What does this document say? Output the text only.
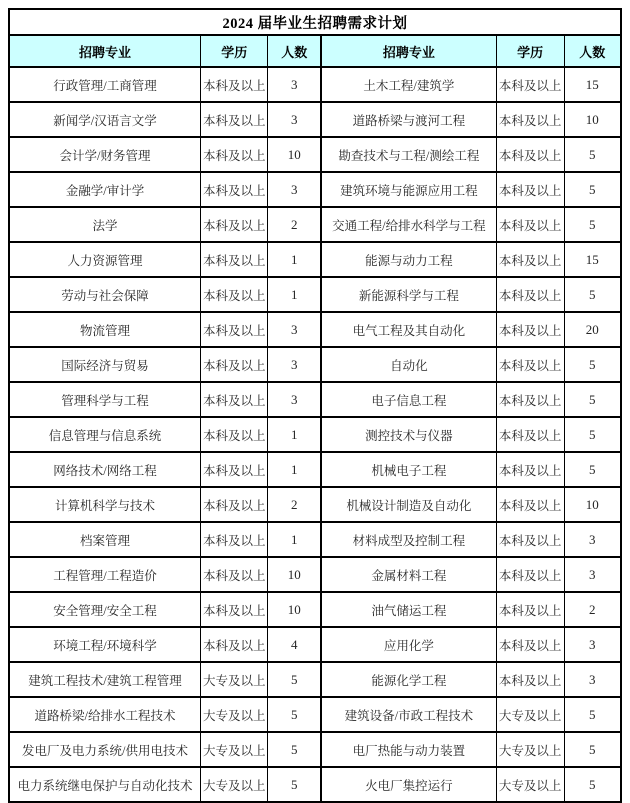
2024 届毕业生招聘需求计划					
招聘专业	学历	人数	招聘专业	学历	人数
行政管理/工商管理	本科及以上	3	土木工程/建筑学	本科及以上	15
新闻学/汉语言文学	本科及以上	3	道路桥梁与渡河工程	本科及以上	10
会计学/财务管理	本科及以上	10	勘查技术与工程/测绘工程	本科及以上	5
金融学/审计学	本科及以上	3	建筑环境与能源应用工程	本科及以上	5
法学	本科及以上	2	交通工程/给排水科学与工程	本科及以上	5
人力资源管理	本科及以上	1	能源与动力工程	本科及以上	15
劳动与社会保障	本科及以上	1	新能源科学与工程	本科及以上	5
物流管理	本科及以上	3	电气工程及其自动化	本科及以上	20
国际经济与贸易	本科及以上	3	自动化	本科及以上	5
管理科学与工程	本科及以上	3	电子信息工程	本科及以上	5
信息管理与信息系统	本科及以上	1	测控技术与仪器	本科及以上	5
网络技术/网络工程	本科及以上	1	机械电子工程	本科及以上	5
计算机科学与技术	本科及以上	2	机械设计制造及自动化	本科及以上	10
档案管理	本科及以上	1	材料成型及控制工程	本科及以上	3
工程管理/工程造价	本科及以上	10	金属材料工程	本科及以上	3
安全管理/安全工程	本科及以上	10	油气储运工程	本科及以上	2
环境工程/环境科学	本科及以上	4	应用化学	本科及以上	3
建筑工程技术/建筑工程管理	大专及以上	5	能源化学工程	本科及以上	3
道路桥梁/给排水工程技术	大专及以上	5	建筑设备/市政工程技术	大专及以上	5
发电厂及电力系统/供用电技术	大专及以上	5	电厂热能与动力装置	大专及以上	5
电力系统继电保护与自动化技术	大专及以上	5	火电厂集控运行	大专及以上	5
